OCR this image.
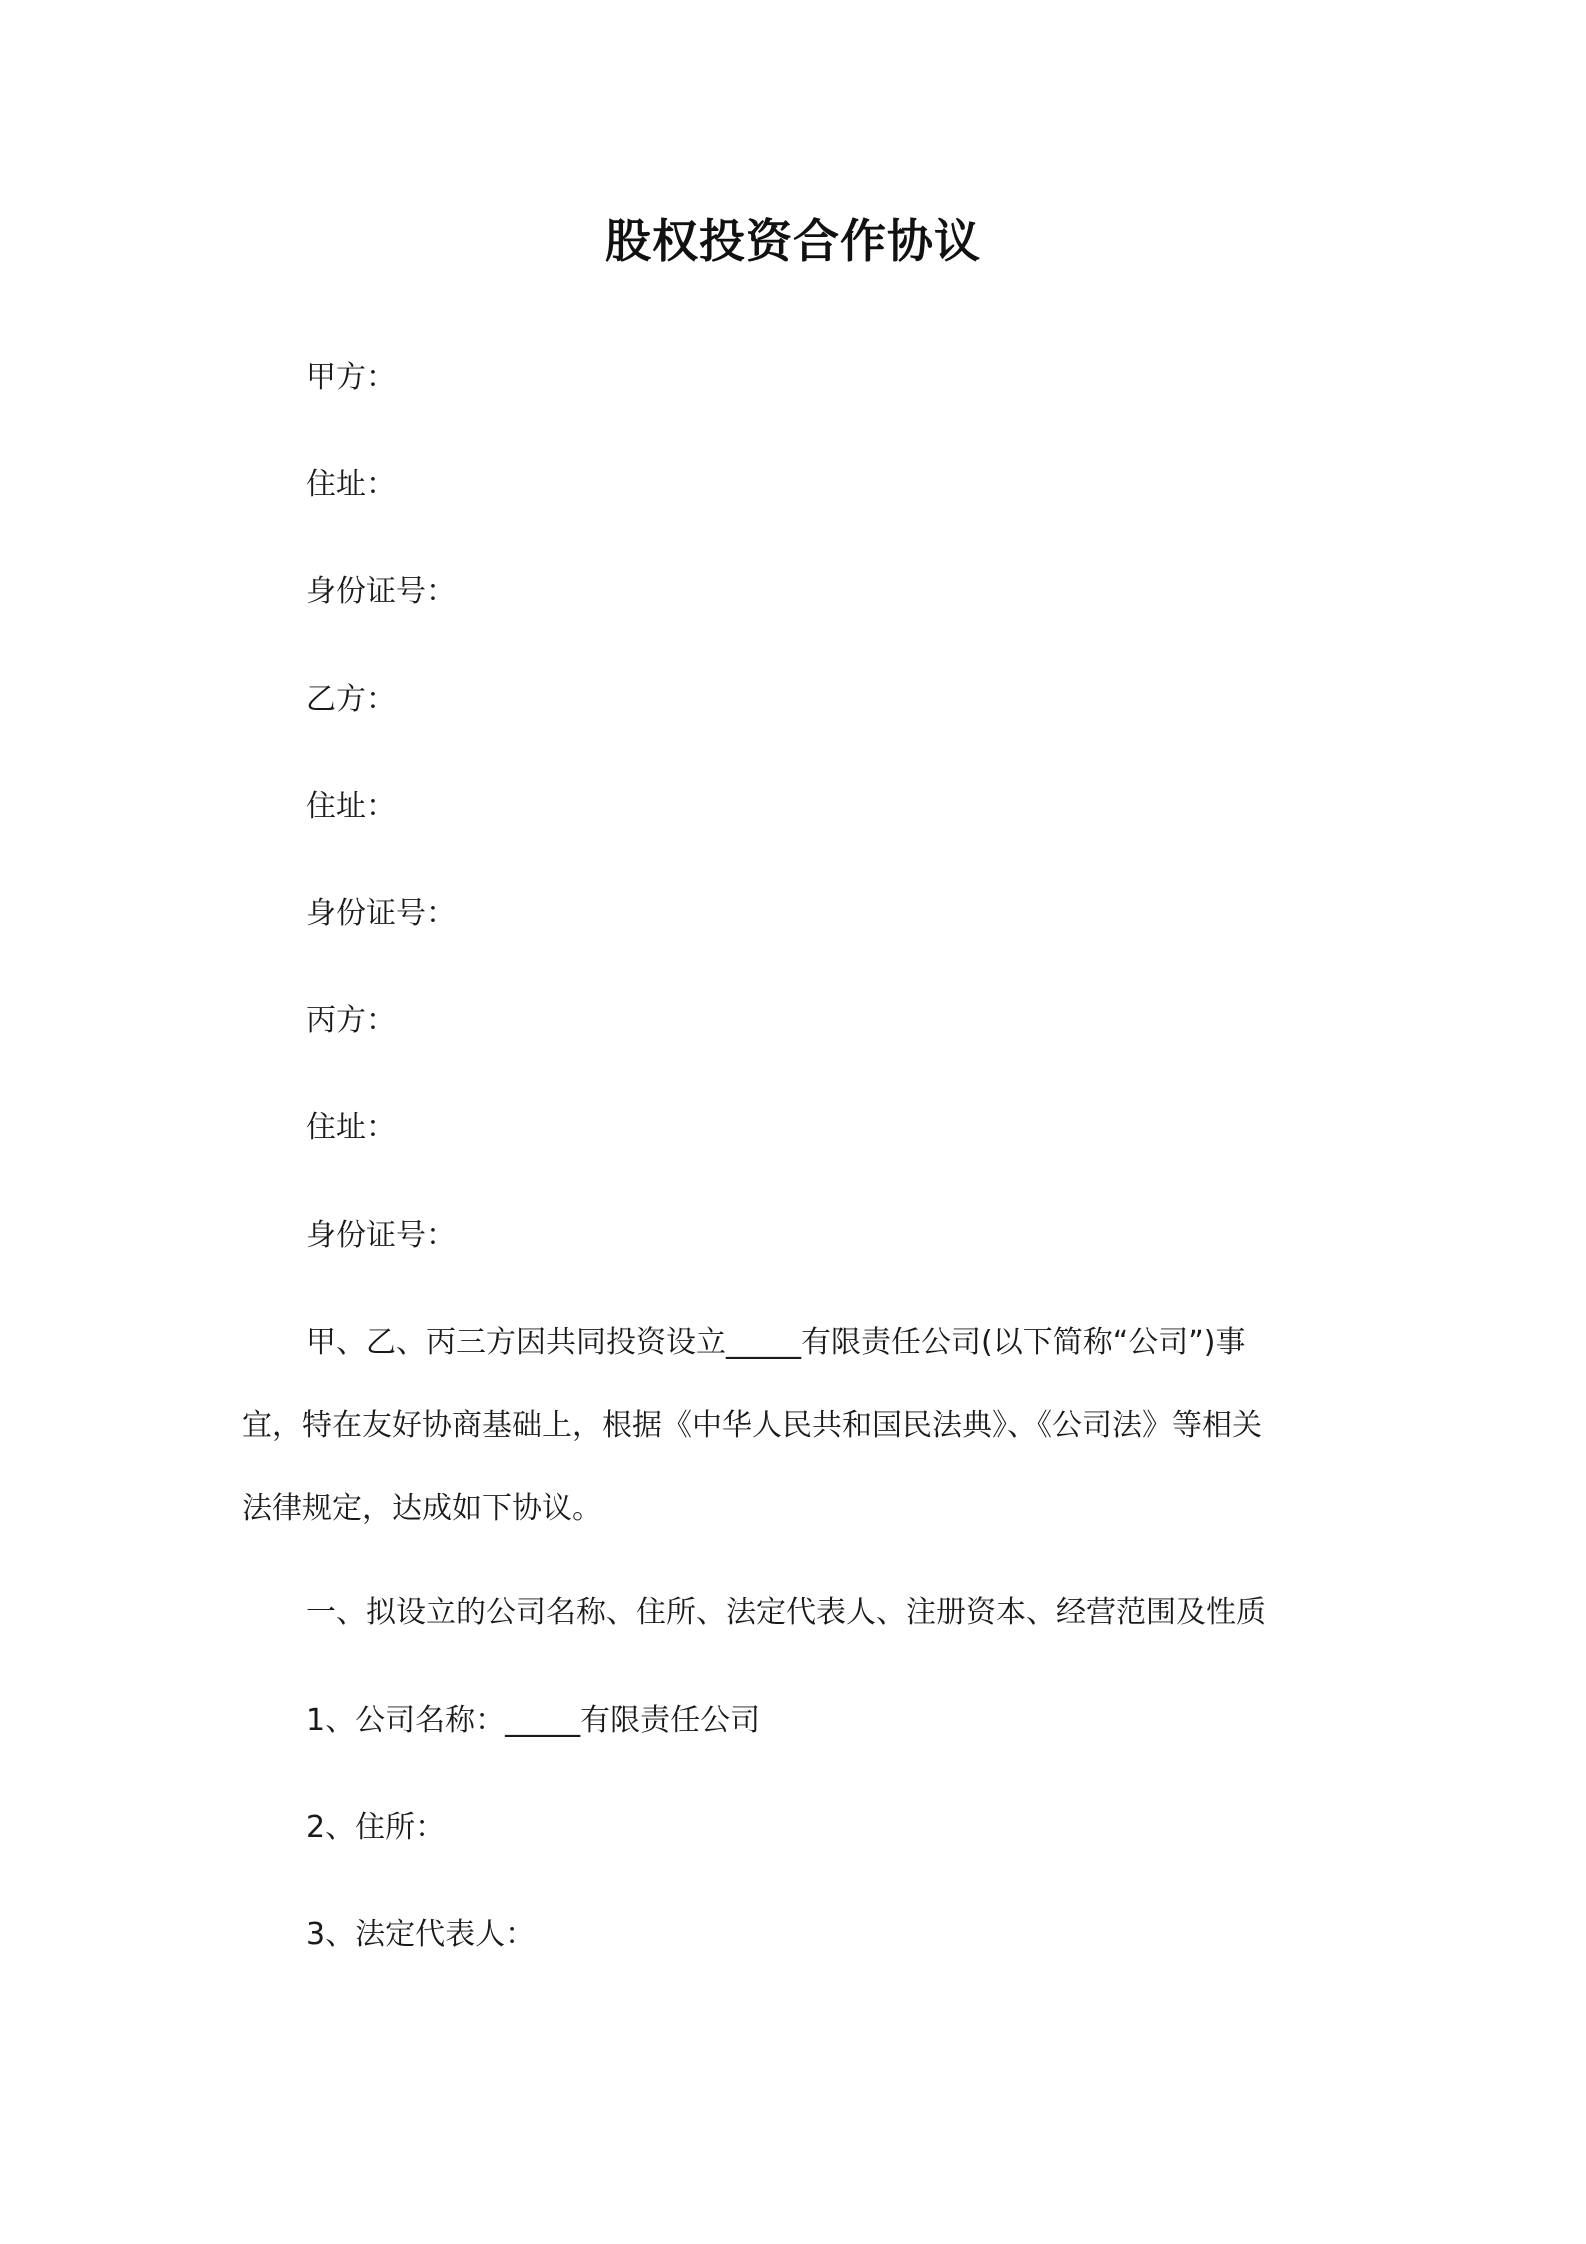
股权投资合作协议
甲方：
住址：
身份证号：
乙方：
住址：
身份证号：
丙方：
住址：
身份证号：
甲、乙、丙三方因共同投资设立_____有限责任公司(以下简称“公司”)事
宜，特在友好协商基础上，根据《中华人民共和国民法典》、《公司法》等相关
法律规定，达成如下协议。
一、拟设立的公司名称、住所、法定代表人、注册资本、经营范围及性质
1、公司名称：_____有限责任公司
2、住所：
3、法定代表人：
